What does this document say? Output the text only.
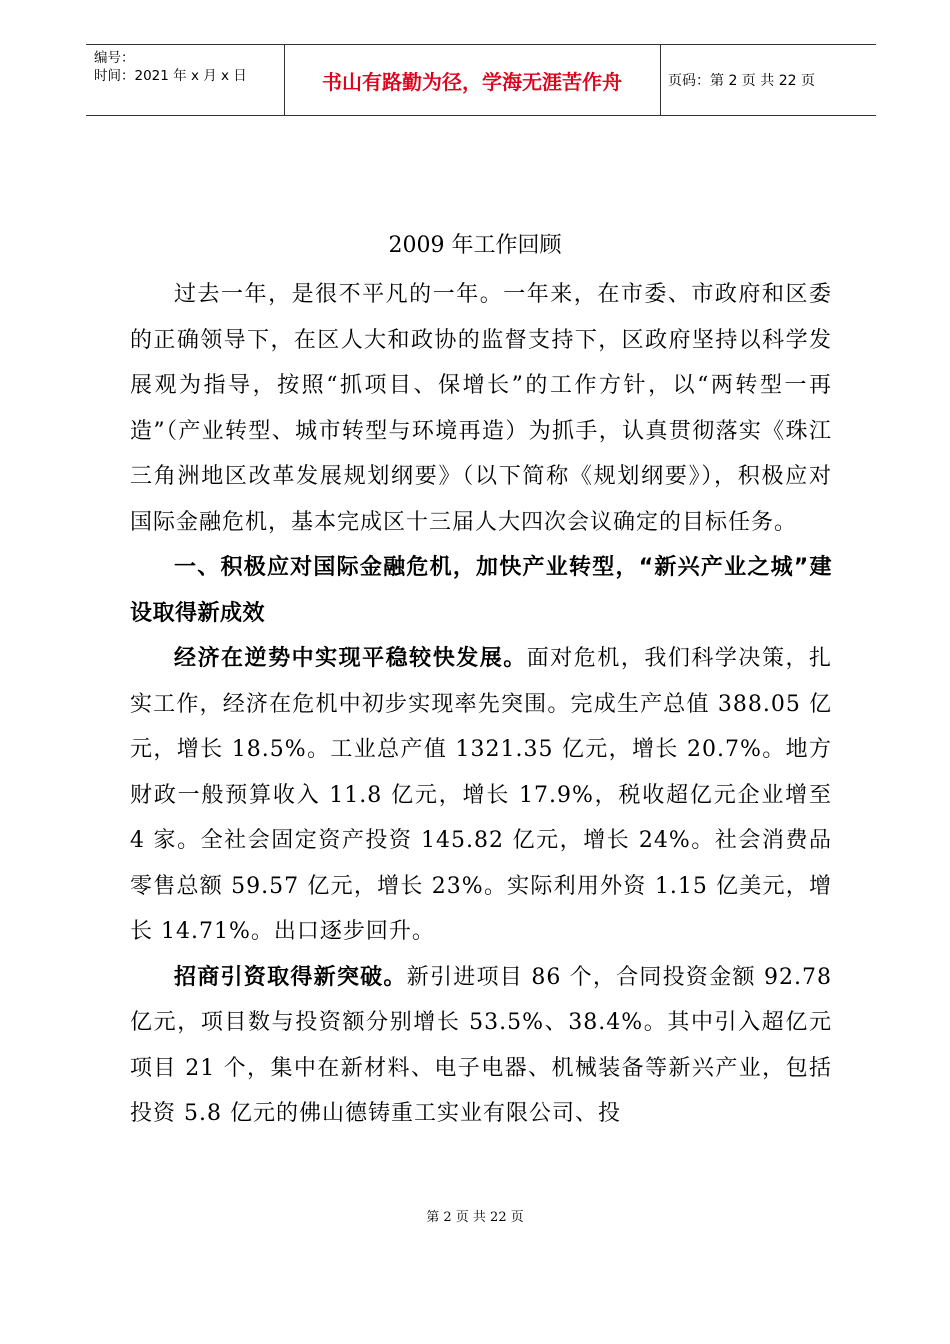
编号：
时间：2021 年 x 月 x 日	书山有路勤为径，学海无涯苦作舟	页码：第 2 页 共 22 页
2009 年工作回顾

过去一年，是很不平凡的一年。一年来，在市委、市政府和区委的正确领导下，在区人大和政协的监督支持下，区政府坚持以科学发展观为指导，按照“抓项目、保增长”的工作方针，以“两转型一再造”（产业转型、城市转型与环境再造）为抓手，认真贯彻落实《珠江三角洲地区改革发展规划纲要》（以下简称《规划纲要》），积极应对国际金融危机，基本完成区十三届人大四次会议确定的目标任务。

一、积极应对国际金融危机，加快产业转型，“新兴产业之城”建设取得新成效

经济在逆势中实现平稳较快发展。面对危机，我们科学决策，扎实工作，经济在危机中初步实现率先突围。完成生产总值 388.05 亿元，增长 18.5%。工业总产值 1321.35 亿元，增长 20.7%。地方财政一般预算收入 11.8 亿元，增长 17.9%，税收超亿元企业增至 4 家。全社会固定资产投资 145.82 亿元，增长 24%。社会消费品零售总额 59.57 亿元，增长 23%。实际利用外资 1.15 亿美元，增长 14.71%。出口逐步回升。

招商引资取得新突破。新引进项目 86 个，合同投资金额 92.78 亿元，项目数与投资额分别增长 53.5%、38.4%。其中引入超亿元项目 21 个，集中在新材料、电子电器、机械装备等新兴产业，包括投资 5.8 亿元的佛山德铸重工实业有限公司、投

第 2 页 共 22 页
